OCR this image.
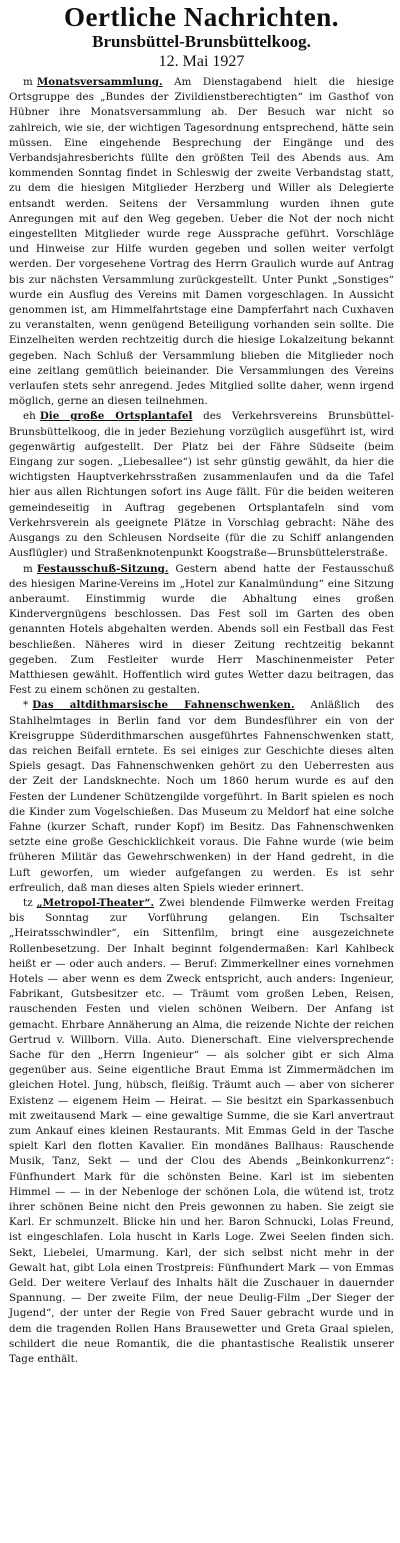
Oertliche Nachrichten.
Brunsbüttel-Brunsbüttelkoog.
12. Mai 1927

m Monatsversammlung. Am Dienstagabend hielt die hiesige Ortsgruppe des „Bundes der Zivildienstberechtigten“ im Gasthof von Hübner ihre Monatsversammlung ab. Der Besuch war nicht so zahlreich, wie sie, der wichtigen Tagesordnung entsprechend, hätte sein müssen. Eine eingehende Besprechung der Eingänge und des Verbandsjahresberichts füllte den größten Teil des Abends aus. Am kommenden Sonntag findet in Schleswig der zweite Verbandstag statt, zu dem die hiesigen Mitglieder Herzberg und Willer als Delegierte entsandt werden. Seitens der Versammlung wurden ihnen gute Anregungen mit auf den Weg gegeben. Ueber die Not der noch nicht eingestellten Mitglieder wurde rege Aussprache geführt. Vorschläge und Hinweise zur Hilfe wurden gegeben und sollen weiter verfolgt werden. Der vorgesehene Vortrag des Herrn Graulich wurde auf Antrag bis zur nächsten Versammlung zurückgestellt. Unter Punkt „Sonstiges“ wurde ein Ausflug des Vereins mit Damen vorgeschlagen. In Aussicht genommen ist, am Himmelfahrtstage eine Dampferfahrt nach Cuxhaven zu veranstalten, wenn genügend Beteiligung vorhanden sein sollte. Die Einzelheiten werden rechtzeitig durch die hiesige Lokalzeitung bekannt gegeben. Nach Schluß der Versammlung blieben die Mitglieder noch eine zeitlang gemütlich beieinander. Die Versammlungen des Vereins verlaufen stets sehr anregend. Jedes Mitglied sollte daher, wenn irgend möglich, gerne an diesen teilnehmen.

eh Die große Ortsplantafel des Verkehrsvereins Brunsbüttel-Brunsbüttelkoog, die in jeder Beziehung vorzüglich ausgeführt ist, wird gegenwärtig aufgestellt. Der Platz bei der Fähre Südseite (beim Eingang zur sogen. „Liebesallee“) ist sehr günstig gewählt, da hier die wichtigsten Hauptverkehrsstraßen zusammenlaufen und da die Tafel hier aus allen Richtungen sofort ins Auge fällt. Für die beiden weiteren gemeindeseitig in Auftrag gegebenen Ortsplantafeln sind vom Verkehrsverein als geeignete Plätze in Vorschlag gebracht: Nähe des Ausgangs zu den Schleusen Nordseite (für die zu Schiff anlangenden Ausflügler) und Straßenknotenpunkt Koogstraße—Brunsbüttelerstraße.

m Festausschuß-Sitzung. Gestern abend hatte der Festausschuß des hiesigen Marine-Vereins im „Hotel zur Kanalmündung“ eine Sitzung anberaumt. Einstimmig wurde die Abhaltung eines großen Kindervergnügens beschlossen. Das Fest soll im Garten des oben genannten Hotels abgehalten werden. Abends soll ein Festball das Fest beschließen. Näheres wird in dieser Zeitung rechtzeitig bekannt gegeben. Zum Festleiter wurde Herr Maschinenmeister Peter Matthiesen gewählt. Hoffentlich wird gutes Wetter dazu beitragen, das Fest zu einem schönen zu gestalten.

* Das altdithmarsische Fahnenschwenken. Anläßlich des Stahlhelmtages in Berlin fand vor dem Bundesführer ein von der Kreisgruppe Süderdithmarschen ausgeführtes Fahnenschwenken statt, das reichen Beifall erntete. Es sei einiges zur Geschichte dieses alten Spiels gesagt. Das Fahnenschwenken gehört zu den Ueberresten aus der Zeit der Landsknechte. Noch um 1860 herum wurde es auf den Festen der Lundener Schützengilde vorgeführt. In Barlt spielen es noch die Kinder zum Vogelschießen. Das Museum zu Meldorf hat eine solche Fahne (kurzer Schaft, runder Kopf) im Besitz. Das Fahnenschwenken setzte eine große Geschicklichkeit voraus. Die Fahne wurde (wie beim früheren Militär das Gewehrschwenken) in der Hand gedreht, in die Luft geworfen, um wieder aufgefangen zu werden. Es ist sehr erfreulich, daß man dieses alten Spiels wieder erinnert.

tz „Metropol-Theater“. Zwei blendende Filmwerke werden Freitag bis Sonntag zur Vorführung gelangen. Ein Tschsalter „Heiratsschwindler“, ein Sittenfilm, bringt eine ausgezeichnete Rollenbesetzung. Der Inhalt beginnt folgendermaßen: Karl Kahlbeck heißt er — oder auch anders. — Beruf: Zimmerkellner eines vornehmen Hotels — aber wenn es dem Zweck entspricht, auch anders: Ingenieur, Fabrikant, Gutsbesitzer etc. — Träumt vom großen Leben, Reisen, rauschenden Festen und vielen schönen Weibern. Der Anfang ist gemacht. Ehrbare Annäherung an Alma, die reizende Nichte der reichen Gertrud v. Willborn. Villa. Auto. Dienerschaft. Eine vielversprechende Sache für den „Herrn Ingenieur“ — als solcher gibt er sich Alma gegenüber aus. Seine eigentliche Braut Emma ist Zimmermädchen im gleichen Hotel. Jung, hübsch, fleißig. Träumt auch — aber von sicherer Existenz — eigenem Heim — Heirat. — Sie besitzt ein Sparkassenbuch mit zweitausend Mark — eine gewaltige Summe, die sie Karl anvertraut zum Ankauf eines kleinen Restaurants. Mit Emmas Geld in der Tasche spielt Karl den flotten Kavalier. Ein mondänes Ballhaus: Rauschende Musik, Tanz, Sekt — und der Clou des Abends „Beinkonkurrenz“: Fünfhundert Mark für die schönsten Beine. Karl ist im siebenten Himmel — — in der Nebenloge der schönen Lola, die wütend ist, trotz ihrer schönen Beine nicht den Preis gewonnen zu haben. Sie zeigt sie Karl. Er schmunzelt. Blicke hin und her. Baron Schnucki, Lolas Freund, ist eingeschlafen. Lola huscht in Karls Loge. Zwei Seelen finden sich. Sekt, Liebelei, Umarmung. Karl, der sich selbst nicht mehr in der Gewalt hat, gibt Lola einen Trostpreis: Fünfhundert Mark — von Emmas Geld. Der weitere Verlauf des Inhalts hält die Zuschauer in dauernder Spannung. — Der zweite Film, der neue Deulig-Film „Der Sieger der Jugend“, der unter der Regie von Fred Sauer gebracht wurde und in dem die tragenden Rollen Hans Brausewetter und Greta Graal spielen, schildert die neue Romantik, die die phantastische Realistik unserer Tage enthält.
